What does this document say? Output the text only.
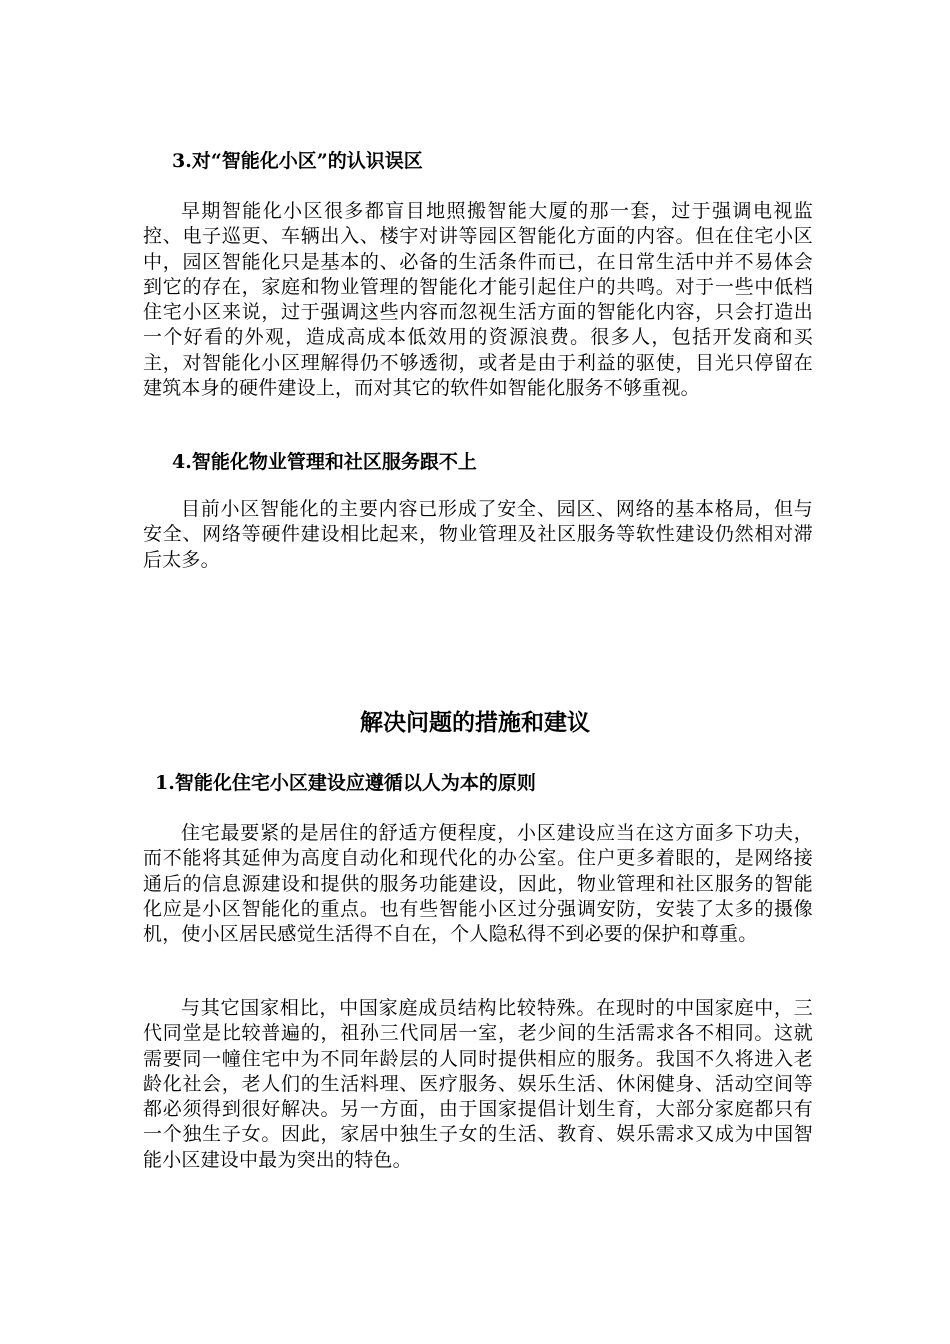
3.对“智能化小区”的认识误区
早期智能化小区很多都盲目地照搬智能大厦的那一套，过于强调电视监控、电子巡更、车辆出入、楼宇对讲等园区智能化方面的内容。但在住宅小区中，园区智能化只是基本的、必备的生活条件而已，在日常生活中并不易体会到它的存在，家庭和物业管理的智能化才能引起住户的共鸣。对于一些中低档住宅小区来说，过于强调这些内容而忽视生活方面的智能化内容，只会打造出一个好看的外观，造成高成本低效用的资源浪费。很多人，包括开发商和买主，对智能化小区理解得仍不够透彻，或者是由于利益的驱使，目光只停留在建筑本身的硬件建设上，而对其它的软件如智能化服务不够重视。
4.智能化物业管理和社区服务跟不上
目前小区智能化的主要内容已形成了安全、园区、网络的基本格局，但与安全、网络等硬件建设相比起来，物业管理及社区服务等软性建设仍然相对滞后太多。
解决问题的措施和建议
1.智能化住宅小区建设应遵循以人为本的原则
住宅最要紧的是居住的舒适方便程度，小区建设应当在这方面多下功夫，而不能将其延伸为高度自动化和现代化的办公室。住户更多着眼的，是网络接通后的信息源建设和提供的服务功能建设，因此，物业管理和社区服务的智能化应是小区智能化的重点。也有些智能小区过分强调安防，安装了太多的摄像机，使小区居民感觉生活得不自在，个人隐私得不到必要的保护和尊重。
与其它国家相比，中国家庭成员结构比较特殊。在现时的中国家庭中，三代同堂是比较普遍的，祖孙三代同居一室，老少间的生活需求各不相同。这就需要同一幢住宅中为不同年龄层的人同时提供相应的服务。我国不久将进入老龄化社会，老人们的生活料理、医疗服务、娱乐生活、休闲健身、活动空间等都必须得到很好解决。另一方面，由于国家提倡计划生育，大部分家庭都只有一个独生子女。因此，家居中独生子女的生活、教育、娱乐需求又成为中国智能小区建设中最为突出的特色。
